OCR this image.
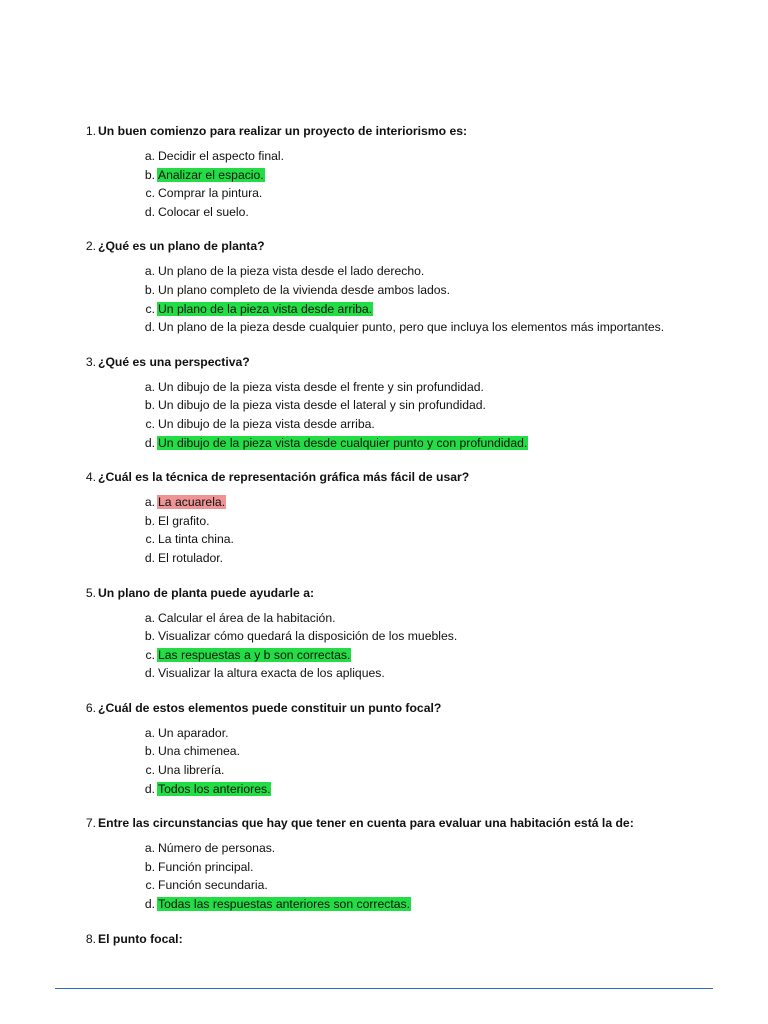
1. Un buen comienzo para realizar un proyecto de interiorismo es:
a. Decidir el aspecto final.
b. Analizar el espacio.
c. Comprar la pintura.
d. Colocar el suelo.
2. ¿Qué es un plano de planta?
a. Un plano de la pieza vista desde el lado derecho.
b. Un plano completo de la vivienda desde ambos lados.
c. Un plano de la pieza vista desde arriba.
d. Un plano de la pieza desde cualquier punto, pero que incluya los elementos más importantes.
3. ¿Qué es una perspectiva?
a. Un dibujo de la pieza vista desde el frente y sin profundidad.
b. Un dibujo de la pieza vista desde el lateral y sin profundidad.
c. Un dibujo de la pieza vista desde arriba.
d. Un dibujo de la pieza vista desde cualquier punto y con profundidad.
4. ¿Cuál es la técnica de representación gráfica más fácil de usar?
a. La acuarela.
b. El grafito.
c. La tinta china.
d. El rotulador.
5. Un plano de planta puede ayudarle a:
a. Calcular el área de la habitación.
b. Visualizar cómo quedará la disposición de los muebles.
c. Las respuestas a y b son correctas.
d. Visualizar la altura exacta de los apliques.
6. ¿Cuál de estos elementos puede constituir un punto focal?
a. Un aparador.
b. Una chimenea.
c. Una librería.
d. Todos los anteriores.
7. Entre las circunstancias que hay que tener en cuenta para evaluar una habitación está la de:
a. Número de personas.
b. Función principal.
c. Función secundaria.
d. Todas las respuestas anteriores son correctas.
8. El punto focal:
